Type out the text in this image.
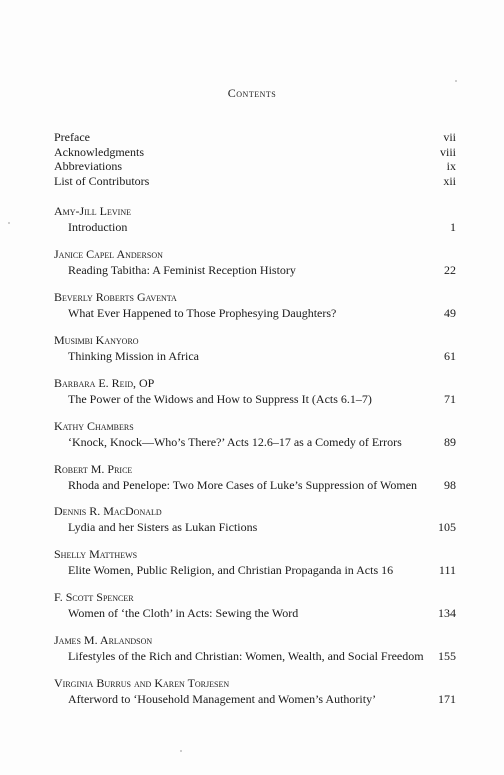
Contents
Preface	vii
Acknowledgments	viii
Abbreviations	ix
List of Contributors	xii
Amy-Jill Levine
Introduction	1
Janice Capel Anderson
Reading Tabitha: A Feminist Reception History	22
Beverly Roberts Gaventa
What Ever Happened to Those Prophesying Daughters?	49
Musimbi Kanyoro
Thinking Mission in Africa	61
Barbara E. Reid, OP
The Power of the Widows and How to Suppress It (Acts 6.1–7)	71
Kathy Chambers
‘Knock, Knock—Who’s There?’ Acts 12.6–17 as a Comedy of Errors	89
Robert M. Price
Rhoda and Penelope: Two More Cases of Luke’s Suppression of Women 98
Dennis R. MacDonald
Lydia and her Sisters as Lukan Fictions	105
Shelly Matthews
Elite Women, Public Religion, and Christian Propaganda in Acts 16	111
F. Scott Spencer
Women of ‘the Cloth’ in Acts: Sewing the Word	134
James M. Arlandson
Lifestyles of the Rich and Christian: Women, Wealth, and Social Freedom 155
Virginia Burrus and Karen Torjesen
Afterword to ‘Household Management and Women’s Authority’	171
